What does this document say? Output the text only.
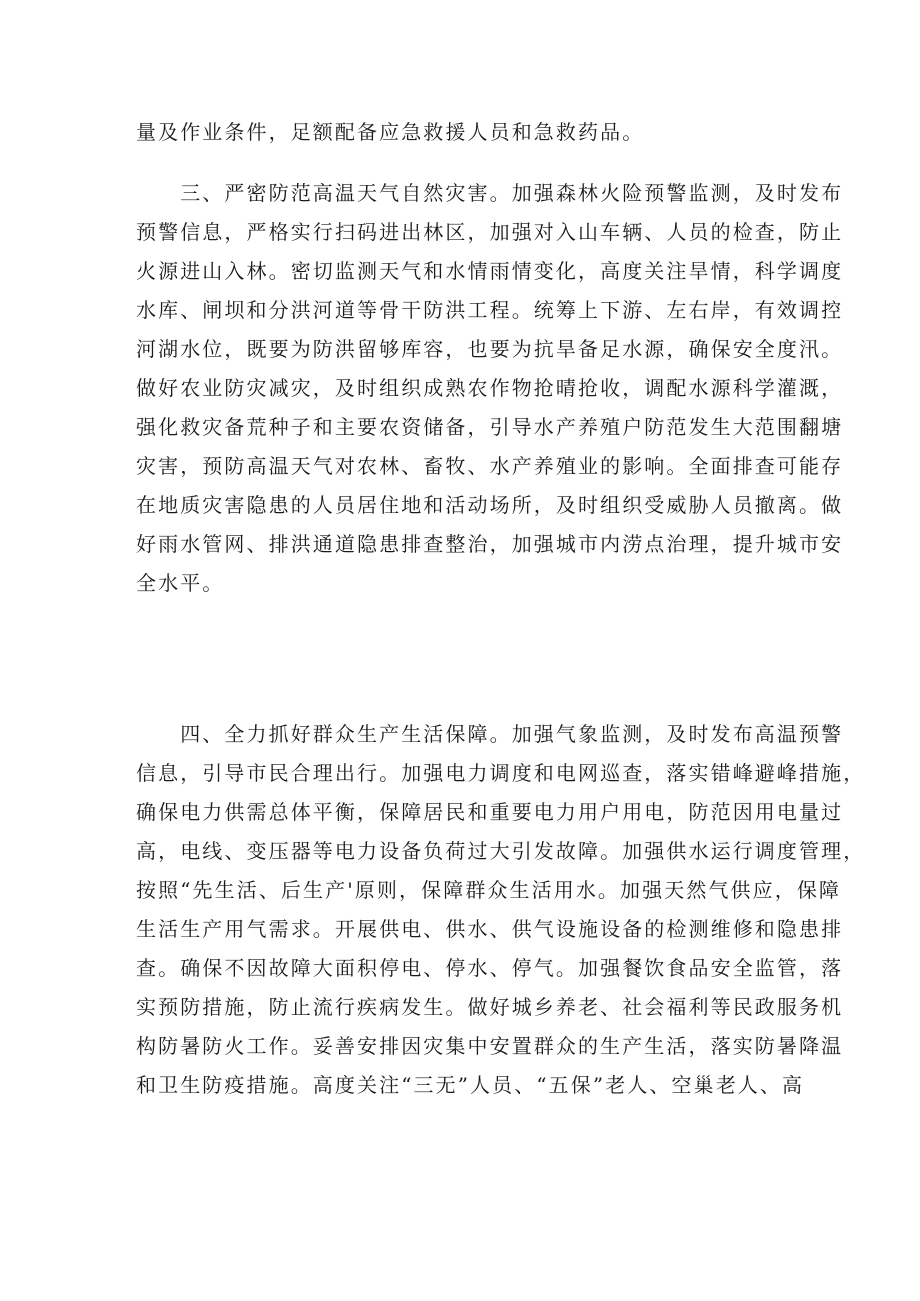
量及作业条件，足额配备应急救援人员和急救药品。
　　三、严密防范高温天气自然灾害。加强森林火险预警监测，及时发布
预警信息，严格实行扫码进出林区，加强对入山车辆、人员的检查，防止
火源进山入林。密切监测天气和水情雨情变化，高度关注旱情，科学调度
水库、闸坝和分洪河道等骨干防洪工程。统筹上下游、左右岸，有效调控
河湖水位，既要为防洪留够库容，也要为抗旱备足水源，确保安全度汛。
做好农业防灾减灾，及时组织成熟农作物抢晴抢收，调配水源科学灌溉，
强化救灾备荒种子和主要农资储备，引导水产养殖户防范发生大范围翻塘
灾害，预防高温天气对农林、畜牧、水产养殖业的影响。全面排查可能存
在地质灾害隐患的人员居住地和活动场所，及时组织受威胁人员撤离。做
好雨水管网、排洪通道隐患排查整治，加强城市内涝点治理，提升城市安
全水平。
　　四、全力抓好群众生产生活保障。加强气象监测，及时发布高温预警
信息，引导市民合理出行。加强电力调度和电网巡查，落实错峰避峰措施，
确保电力供需总体平衡，保障居民和重要电力用户用电，防范因用电量过
高，电线、变压器等电力设备负荷过大引发故障。加强供水运行调度管理，
按照“先生活、后生产'原则，保障群众生活用水。加强天然气供应，保障
生活生产用气需求。开展供电、供水、供气设施设备的检测维修和隐患排
查。确保不因故障大面积停电、停水、停气。加强餐饮食品安全监管，落
实预防措施，防止流行疾病发生。做好城乡养老、社会福利等民政服务机
构防暑防火工作。妥善安排因灾集中安置群众的生产生活，落实防暑降温
和卫生防疫措施。高度关注“三无”人员、“五保”老人、空巢老人、高
